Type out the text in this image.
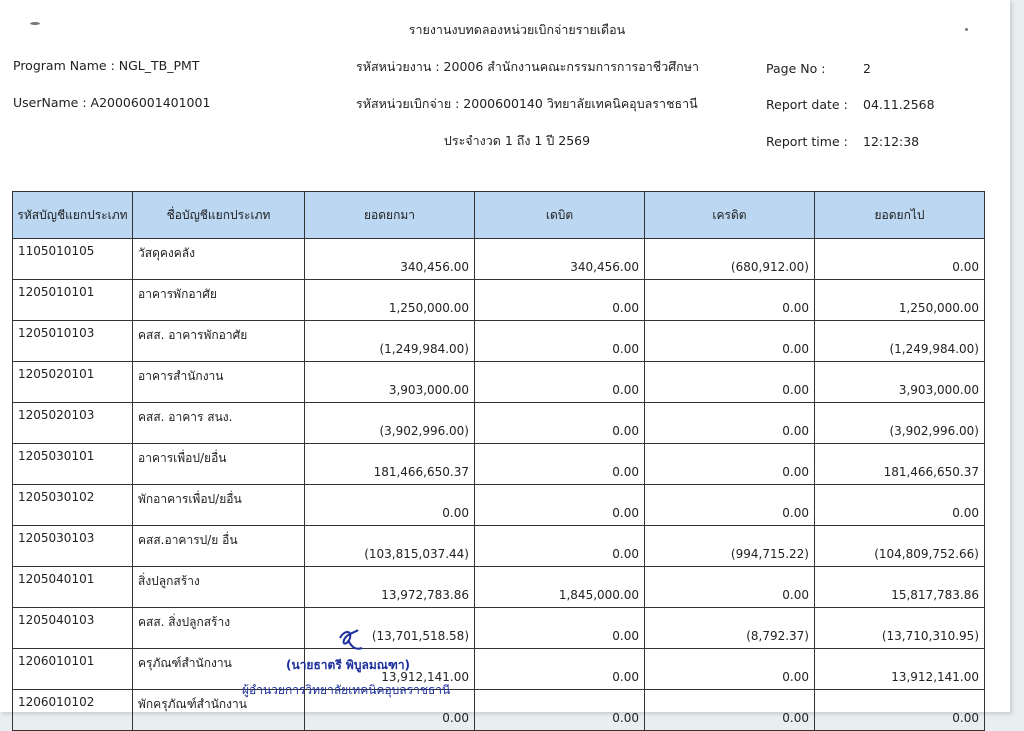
รายงานงบทดลองหน่วยเบิกจ่ายรายเดือน
Program Name : NGL_TB_PMT
UserName : A20006001401001
รหัสหน่วยงาน : 20006 สำนักงานคณะกรรมการการอาชีวศึกษา
รหัสหน่วยเบิกจ่าย : 2000600140 วิทยาลัยเทคนิคอุบลราชธานี
ประจำงวด 1 ถึง 1 ปี 2569
Page No :	2
Report date : 04.11.2568
Report time : 12:12:38
รหัสบัญชีแยกประเภท	ชื่อบัญชีแยกประเภท	ยอดยกมา	เดบิต	เครดิต	ยอดยกไป
1105010105	วัสดุคงคลัง	340,456.00	340,456.00	(680,912.00)	0.00
1205010101	อาคารพักอาศัย	1,250,000.00	0.00	0.00	1,250,000.00
1205010103	คสส. อาคารพักอาศัย	(1,249,984.00)	0.00	0.00	(1,249,984.00)
1205020101	อาคารสำนักงาน	3,903,000.00	0.00	0.00	3,903,000.00
1205020103	คสส. อาคาร สนง.	(3,902,996.00)	0.00	0.00	(3,902,996.00)
1205030101	อาคารเพื่อป/ยอื่น	181,466,650.37	0.00	0.00	181,466,650.37
1205030102	พักอาคารเพื่อป/ยอื่น	0.00	0.00	0.00	0.00
1205030103	คสส.อาคารป/ย อื่น	(103,815,037.44)	0.00	(994,715.22)	(104,809,752.66)
1205040101	สิ่งปลูกสร้าง	13,972,783.86	1,845,000.00	0.00	15,817,783.86
1205040103	คสส. สิ่งปลูกสร้าง	(13,701,518.58)	0.00	(8,792.37)	(13,710,310.95)
1206010101	ครุภัณฑ์สำนักงาน	13,912,141.00	0.00	0.00	13,912,141.00
1206010102	พักครุภัณฑ์สำนักงาน	0.00	0.00	0.00	0.00
(นายธาตรี พิบูลมณฑา)
ผู้อำนวยการวิทยาลัยเทคนิคอุบลราชธานี
